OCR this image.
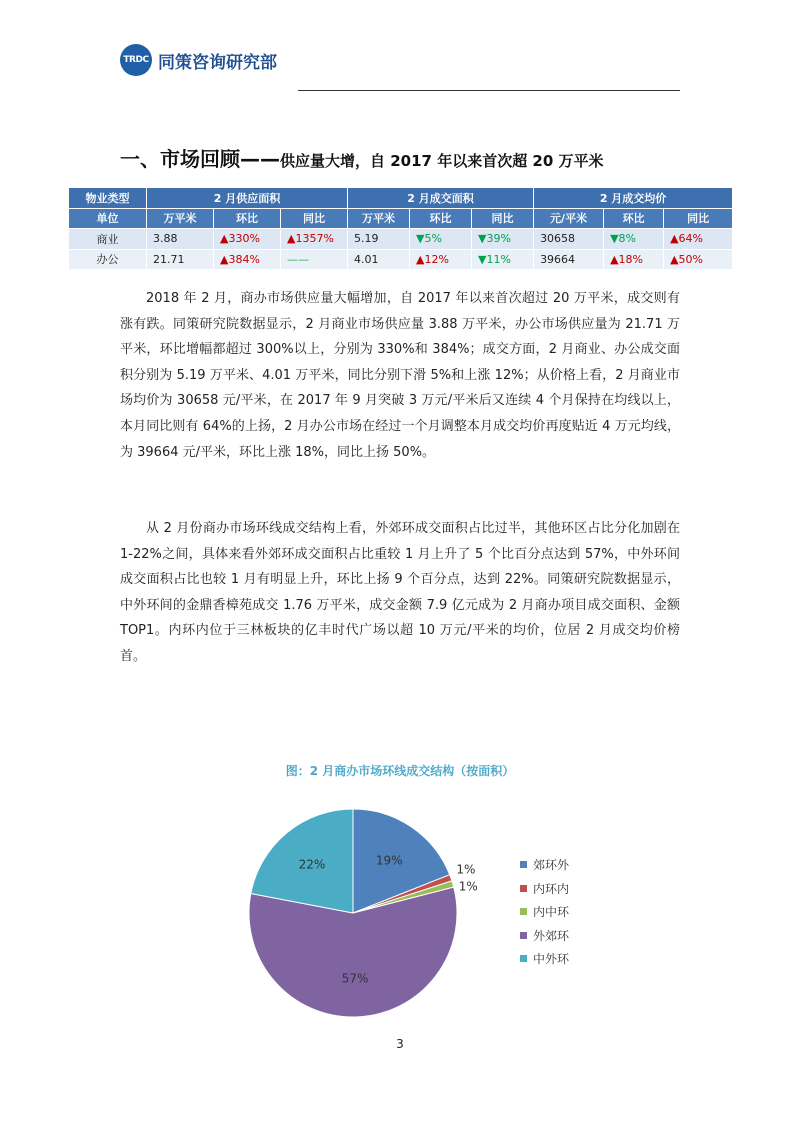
TRDC 同策咨询研究部
一、市场回顾——供应量大增，自 2017 年以来首次超 20 万平米
物业类型	2 月供应面积			2 月成交面积			2 月成交均价		
单位	万平米	环比	同比	万平米	环比	同比	元/平米	环比	同比
商业	3.88	▲330%	▲1357%	5.19	▼5%	▼39%	30658	▼8%	▲64%
办公	21.71	▲384%	——	4.01	▲12%	▼11%	39664	▲18%	▲50%

2018 年 2 月，商办市场供应量大幅增加，自 2017 年以来首次超过 20 万平米，成交则有涨有跌。同策研究院数据显示，2 月商业市场供应量 3.88 万平米，办公市场供应量为 21.71 万平米，环比增幅都超过 300%以上，分别为 330%和 384%；成交方面，2 月商业、办公成交面积分别为 5.19 万平米、4.01 万平米，同比分别下滑 5%和上涨 12%；从价格上看，2 月商业市场均价为 30658 元/平米，在 2017 年 9 月突破 3 万元/平米后又连续 4 个月保持在均线以上，本月同比则有 64%的上扬，2 月办公市场在经过一个月调整本月成交均价再度贴近 4 万元均线，为 39664 元/平米，环比上涨 18%，同比上扬 50%。

从 2 月份商办市场环线成交结构上看，外郊环成交面积占比过半，其他环区占比分化加剧在 1-22%之间，具体来看外郊环成交面积占比重较 1 月上升了 5 个比百分点达到 57%，中外环间成交面积占比也较 1 月有明显上升，环比上扬 9 个百分点，达到 22%。同策研究院数据显示，中外环间的金鼎香樟苑成交 1.76 万平米，成交金额 7.9 亿元成为 2 月商办项目成交面积、金额 TOP1。内环内位于三林板块的亿丰时代广场以超 10 万元/平米的均价，位居 2 月成交均价榜首。

图：2 月商办市场环线成交结构（按面积）
19%
1%
1%
57%
22%	郊环外
内环内
内中环
外郊环
中外环
3
